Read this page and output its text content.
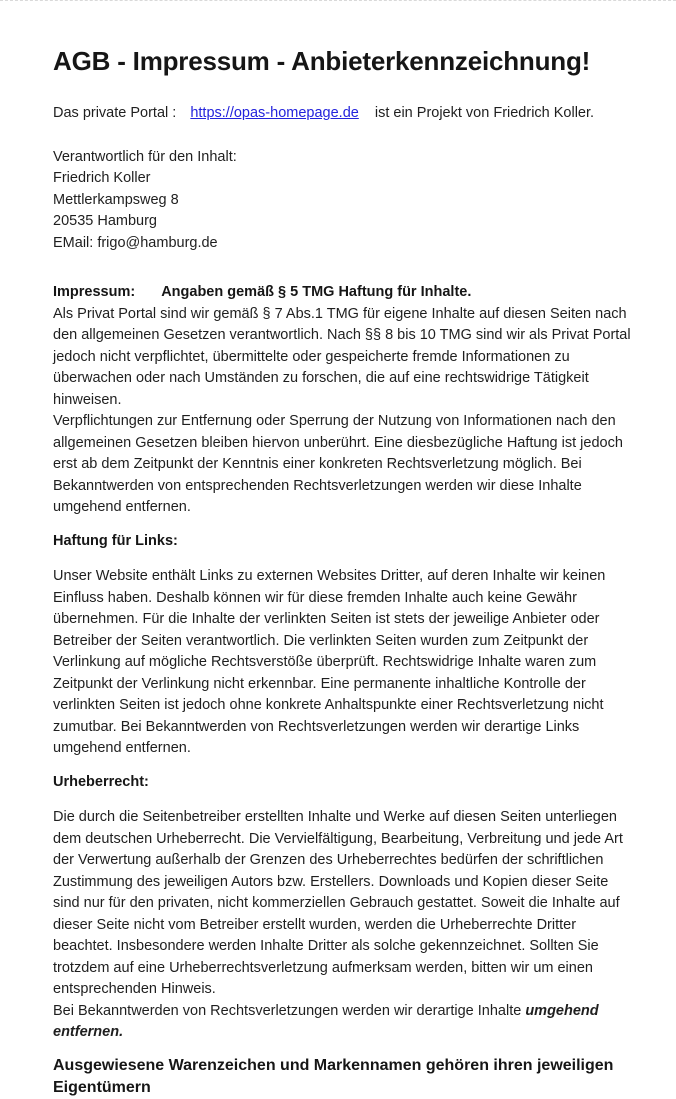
AGB - Impressum - Anbieterkennzeichnung!

Das private Portal : https://opas-homepage.de ist ein Projekt von Friedrich Koller.

Verantwortlich für den Inhalt:
Friedrich Koller
Mettlerkampsweg 8
20535 Hamburg
EMail: frigo@hamburg.de

Impressum: Angaben gemäß § 5 TMG Haftung für Inhalte.

Als Privat Portal sind wir gemäß § 7 Abs.1 TMG für eigene Inhalte auf diesen Seiten nach den allgemeinen Gesetzen verantwortlich. Nach §§ 8 bis 10 TMG sind wir als Privat Portal jedoch nicht verpflichtet, übermittelte oder gespeicherte fremde Informationen zu überwachen oder nach Umständen zu forschen, die auf eine rechtswidrige Tätigkeit hinweisen.

Verpflichtungen zur Entfernung oder Sperrung der Nutzung von Informationen nach den allgemeinen Gesetzen bleiben hiervon unberührt. Eine diesbezügliche Haftung ist jedoch erst ab dem Zeitpunkt der Kenntnis einer konkreten Rechtsverletzung möglich. Bei Bekanntwerden von entsprechenden Rechtsverletzungen werden wir diese Inhalte umgehend entfernen.

Haftung für Links:

Unser Website enthält Links zu externen Websites Dritter, auf deren Inhalte wir keinen Einfluss haben. Deshalb können wir für diese fremden Inhalte auch keine Gewähr übernehmen. Für die Inhalte der verlinkten Seiten ist stets der jeweilige Anbieter oder Betreiber der Seiten verantwortlich. Die verlinkten Seiten wurden zum Zeitpunkt der Verlinkung auf mögliche Rechtsverstöße überprüft. Rechtswidrige Inhalte waren zum Zeitpunkt der Verlinkung nicht erkennbar. Eine permanente inhaltliche Kontrolle der verlinkten Seiten ist jedoch ohne konkrete Anhaltspunkte einer Rechtsverletzung nicht zumutbar. Bei Bekanntwerden von Rechtsverletzungen werden wir derartige Links umgehend entfernen.

Urheberrecht:

Die durch die Seitenbetreiber erstellten Inhalte und Werke auf diesen Seiten unterliegen dem deutschen Urheberrecht. Die Vervielfältigung, Bearbeitung, Verbreitung und jede Art der Verwertung außerhalb der Grenzen des Urheberrechtes bedürfen der schriftlichen Zustimmung des jeweiligen Autors bzw. Erstellers. Downloads und Kopien dieser Seite sind nur für den privaten, nicht kommerziellen Gebrauch gestattet. Soweit die Inhalte auf dieser Seite nicht vom Betreiber erstellt wurden, werden die Urheberrechte Dritter beachtet. Insbesondere werden Inhalte Dritter als solche gekennzeichnet. Sollten Sie trotzdem auf eine Urheberrechtsverletzung aufmerksam werden, bitten wir um einen entsprechenden Hinweis.

Bei Bekanntwerden von Rechtsverletzungen werden wir derartige Inhalte umgehend entfernen.

Ausgewiesene Warenzeichen und Markennamen gehören ihren jeweiligen Eigentümern
